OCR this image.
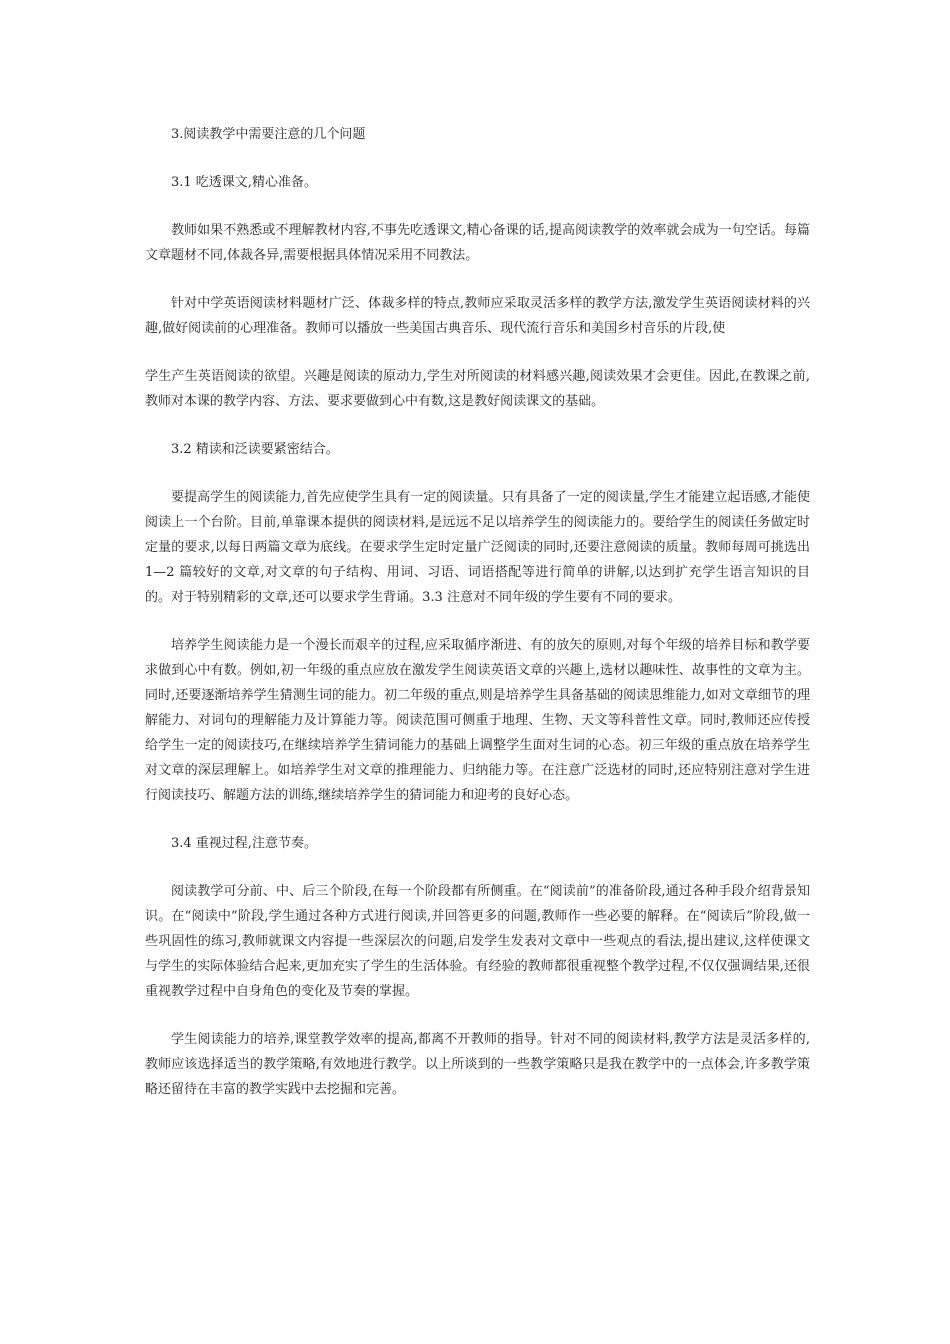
3.阅读教学中需要注意的几个问题

3.1 吃透课文,精心准备。

教师如果不熟悉或不理解教材内容,不事先吃透课文,精心备课的话,提高阅读教学的效率就会成为一句空话。每篇文章题材不同,体裁各异,需要根据具体情况采用不同教法。

针对中学英语阅读材料题材广泛、体裁多样的特点,教师应采取灵活多样的教学方法,激发学生英语阅读材料的兴趣,做好阅读前的心理准备。教师可以播放一些美国古典音乐、现代流行音乐和美国乡村音乐的片段,使

学生产生英语阅读的欲望。兴趣是阅读的原动力,学生对所阅读的材料感兴趣,阅读效果才会更佳。因此,在教课之前,教师对本课的教学内容、方法、要求要做到心中有数,这是教好阅读课文的基础。

3.2 精读和泛读要紧密结合。

要提高学生的阅读能力,首先应使学生具有一定的阅读量。只有具备了一定的阅读量,学生才能建立起语感,才能使阅读上一个台阶。目前,单靠课本提供的阅读材料,是远远不足以培养学生的阅读能力的。要给学生的阅读任务做定时定量的要求,以每日两篇文章为底线。在要求学生定时定量广泛阅读的同时,还要注意阅读的质量。教师每周可挑选出 1—2 篇较好的文章,对文章的句子结构、用词、习语、词语搭配等进行简单的讲解,以达到扩充学生语言知识的目的。对于特别精彩的文章,还可以要求学生背诵。3.3 注意对不同年级的学生要有不同的要求。

培养学生阅读能力是一个漫长而艰辛的过程,应采取循序渐进、有的放矢的原则,对每个年级的培养目标和教学要求做到心中有数。例如,初一年级的重点应放在激发学生阅读英语文章的兴趣上,选材以趣味性、故事性的文章为主。同时,还要逐渐培养学生猜测生词的能力。初二年级的重点,则是培养学生具备基础的阅读思维能力,如对文章细节的理解能力、对词句的理解能力及计算能力等。阅读范围可侧重于地理、生物、天文等科普性文章。同时,教师还应传授给学生一定的阅读技巧,在继续培养学生猜词能力的基础上调整学生面对生词的心态。初三年级的重点放在培养学生对文章的深层理解上。如培养学生对文章的推理能力、归纳能力等。在注意广泛选材的同时,还应特别注意对学生进行阅读技巧、解题方法的训练,继续培养学生的猜词能力和迎考的良好心态。

3.4 重视过程,注意节奏。

阅读教学可分前、中、后三个阶段,在每一个阶段都有所侧重。在“阅读前”的准备阶段,通过各种手段介绍背景知识。在“阅读中”阶段,学生通过各种方式进行阅读,并回答更多的问题,教师作一些必要的解释。在“阅读后”阶段,做一些巩固性的练习,教师就课文内容提一些深层次的问题,启发学生发表对文章中一些观点的看法,提出建议,这样使课文与学生的实际体验结合起来,更加充实了学生的生活体验。有经验的教师都很重视整个教学过程,不仅仅强调结果,还很重视教学过程中自身角色的变化及节奏的掌握。

学生阅读能力的培养,课堂教学效率的提高,都离不开教师的指导。针对不同的阅读材料,教学方法是灵活多样的,教师应该选择适当的教学策略,有效地进行教学。以上所谈到的一些教学策略只是我在教学中的一点体会,许多教学策略还留待在丰富的教学实践中去挖掘和完善。
